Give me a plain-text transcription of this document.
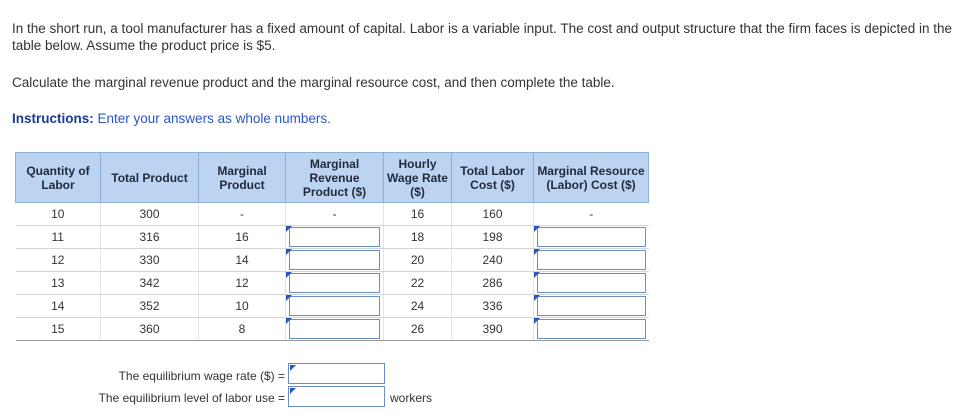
In the short run, a tool manufacturer has a fixed amount of capital. Labor is a variable input. The cost and output structure that the firm faces is depicted in the table below. Assume the product price is $5.

Calculate the marginal revenue product and the marginal resource cost, and then complete the table.

Instructions: Enter your answers as whole numbers.

Quantity of Labor	Total Product	Marginal Product	Marginal Revenue Product ($)	Hourly Wage Rate ($)	Total Labor Cost ($)	Marginal Resource (Labor) Cost ($)
10	300	-	-	16	160	-
11	316	16		18	198	

12	330	14		20	240	

13	342	12		22	286	

14	352	10		24	336	

15	360	8		26	390	
The equilibrium wage rate ($) =
The equilibrium level of labor use =	workers
